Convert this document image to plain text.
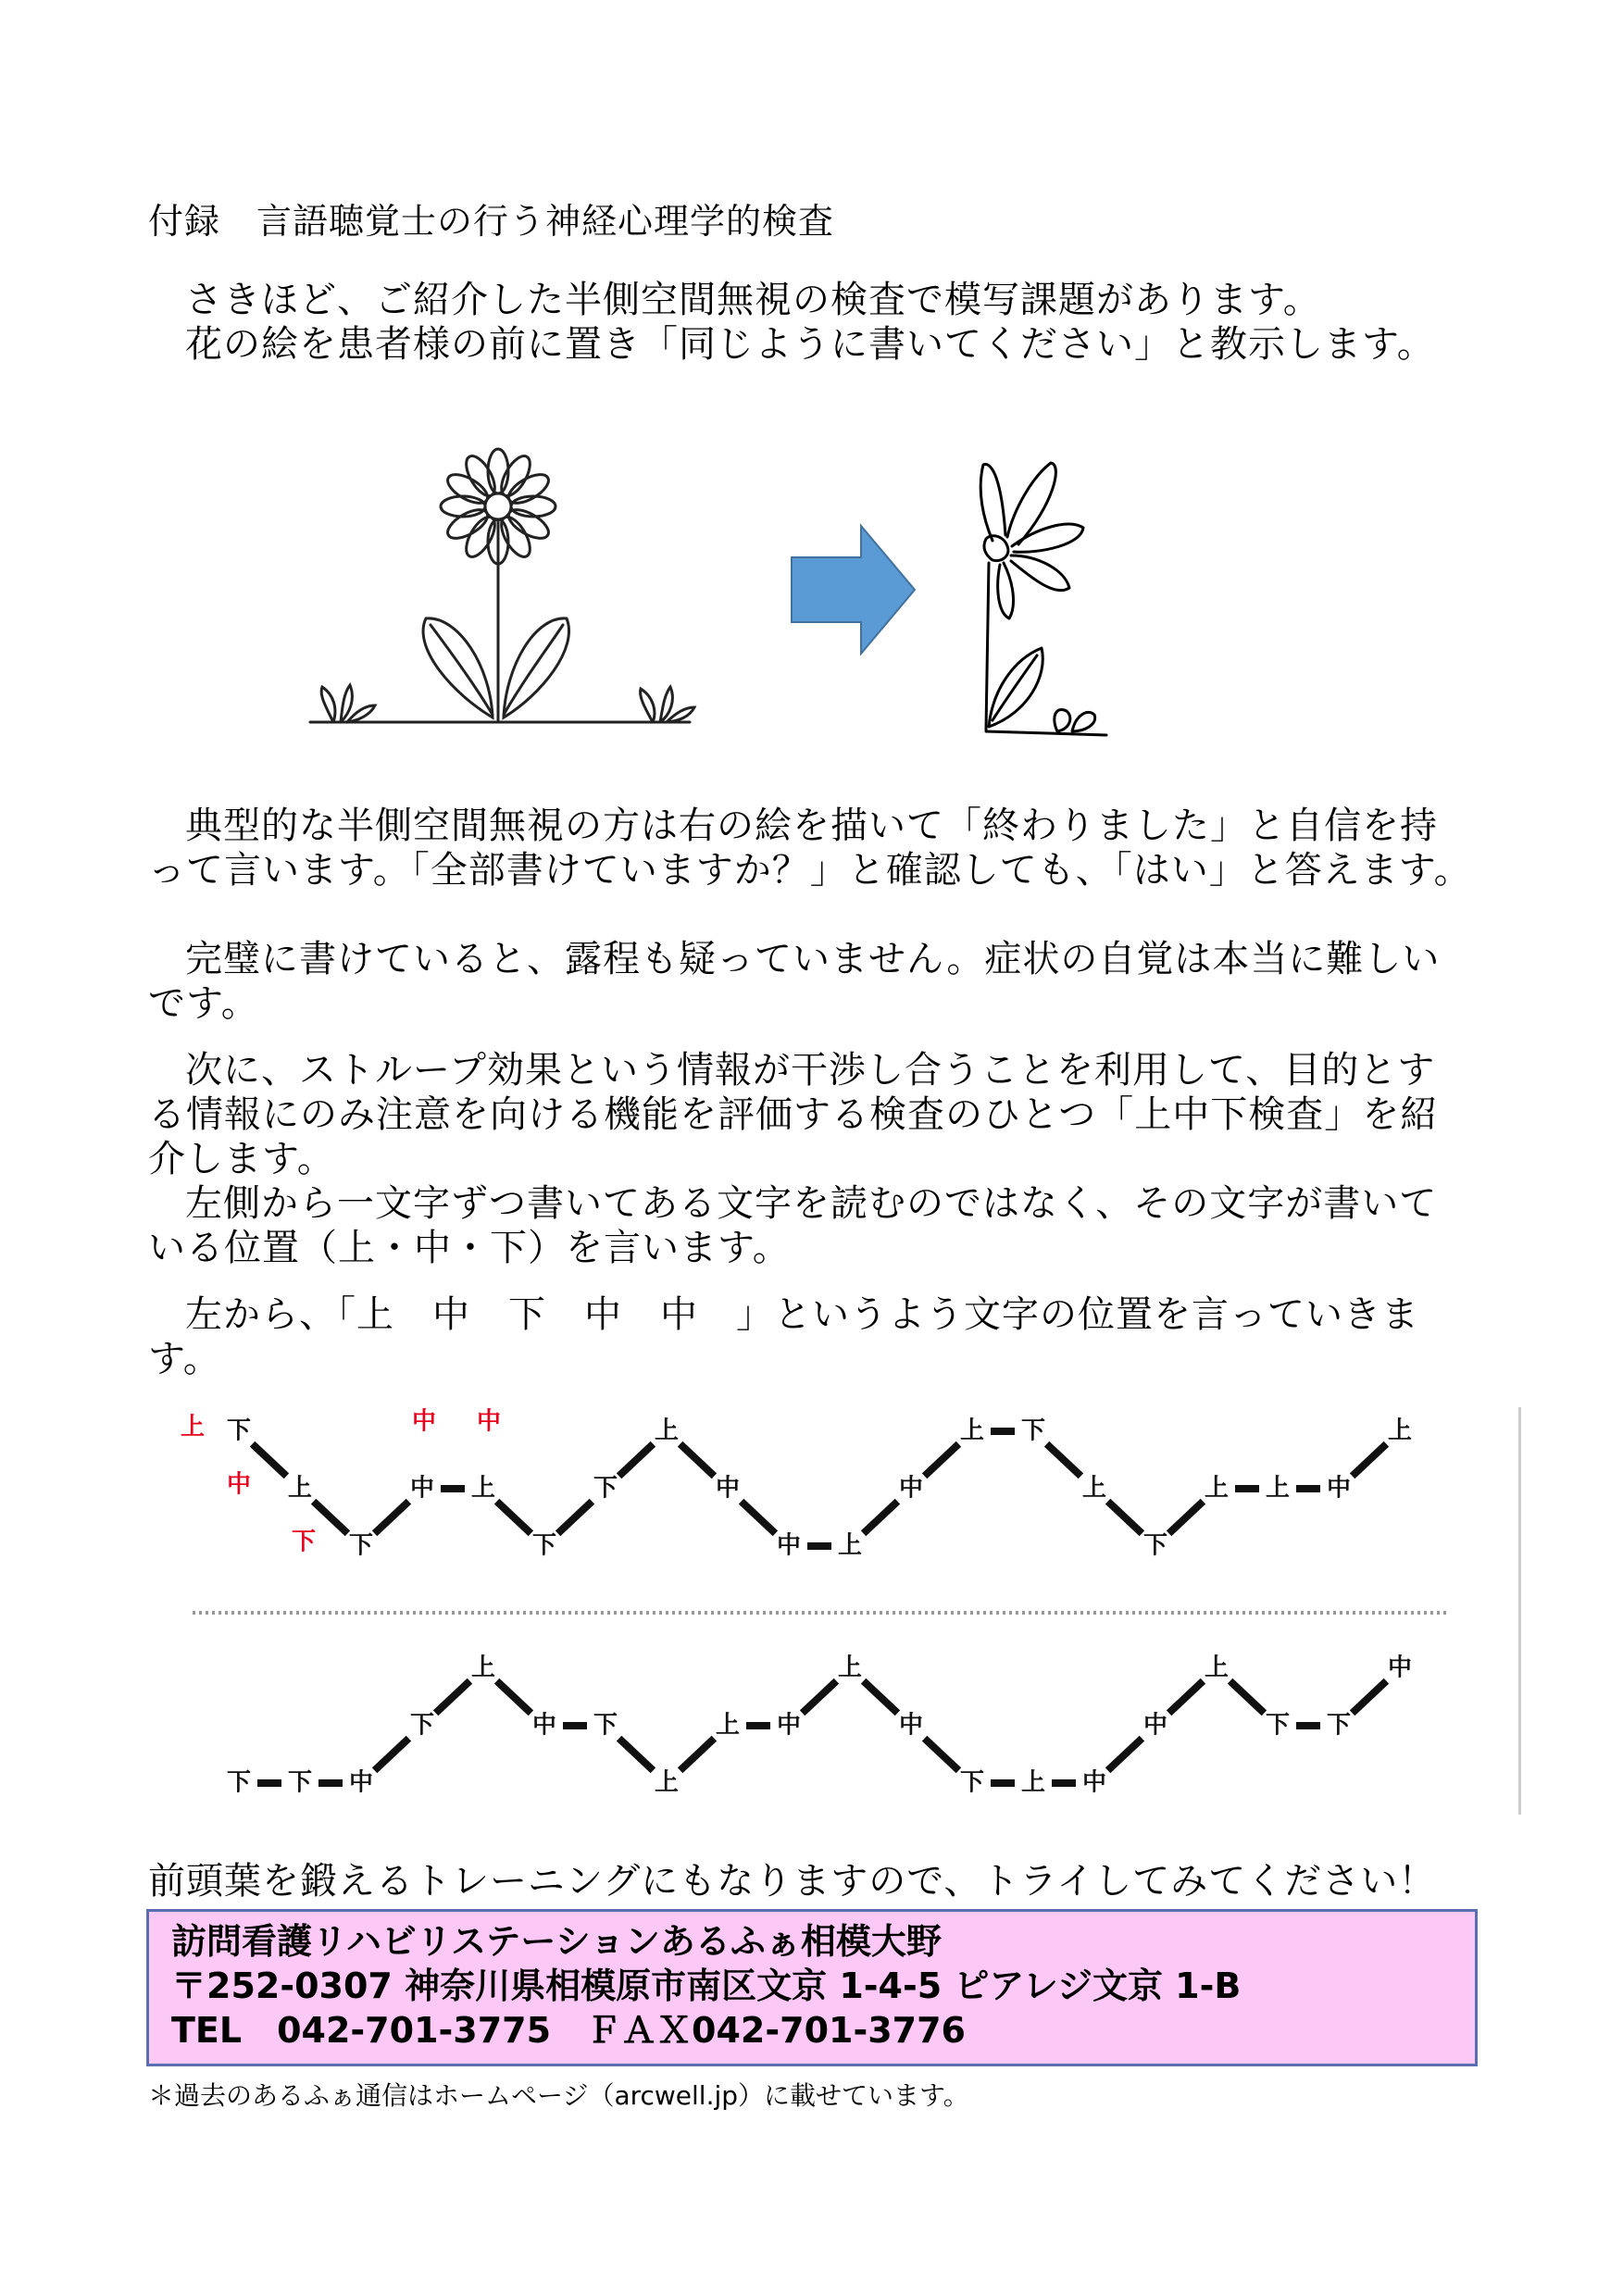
付録　言語聴覚士の行う神経心理学的検査

さきほど、ご紹介した半側空間無視の検査で模写課題があります。

花の絵を患者様の前に置き「同じように書いてください」と教示します。

典型的な半側空間無視の方は右の絵を描いて「終わりました」と自信を持って言います。「全部書けていますか？」と確認しても、「はい」と答えます。

完璧に書けていると、露程も疑っていません。症状の自覚は本当に難しいです。

次に、ストループ効果という情報が干渉し合うことを利用して、目的とする情報にのみ注意を向ける機能を評価する検査のひとつ「上中下検査」を紹介します。

左側から一文字ずつ書いてある文字を読むのではなく、その文字が書いている位置（上・中・下）を言います。

左から、「上　中　下　中　中　」というよう文字の位置を言っていきます。

上
中
下
中 中
下
上
下
中 上
下
下
上
中
中 上
中
上 下
上
下
上 上 中
上
下 下 中
下
上
中 下
上
上 中
上
中
下 上 中
中
上
下 下
中
前頭葉を鍛えるトレーニングにもなりますので、トライしてみてください！
訪問看護リハビリステーションあるふぁ相模大野
〒252-0307 神奈川県相模原市南区文京 1-4-5 ピアレジ文京 1-B
TEL　042-701-3775　ＦＡＸ042-701-3776
＊過去のあるふぁ通信はホームページ（arcwell.jp）に載せています。
